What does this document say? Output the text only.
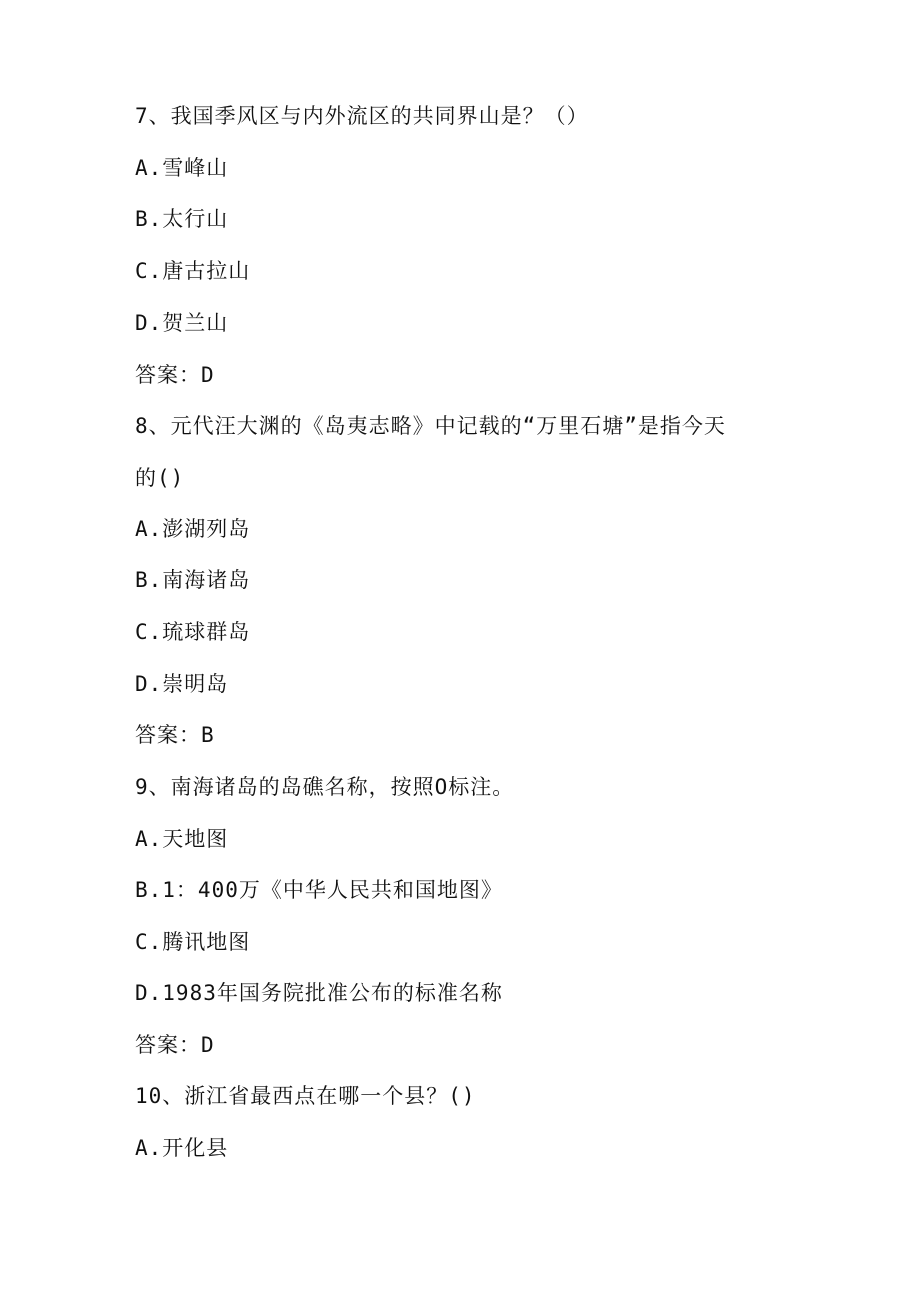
7、我国季风区与内外流区的共同界山是？（）
A.雪峰山
B.太行山
C.唐古拉山
D.贺兰山
答案：D
8、元代汪大渊的《岛夷志略》中记载的“万里石塘”是指今天
的()
A.澎湖列岛
B.南海诸岛
C.琉球群岛
D.崇明岛
答案：B
9、南海诸岛的岛礁名称，按照O标注。
A.天地图
B.1：400万《中华人民共和国地图》
C.腾讯地图
D.1983年国务院批准公布的标准名称
答案：D
10、浙江省最西点在哪一个县？()
A.开化县
